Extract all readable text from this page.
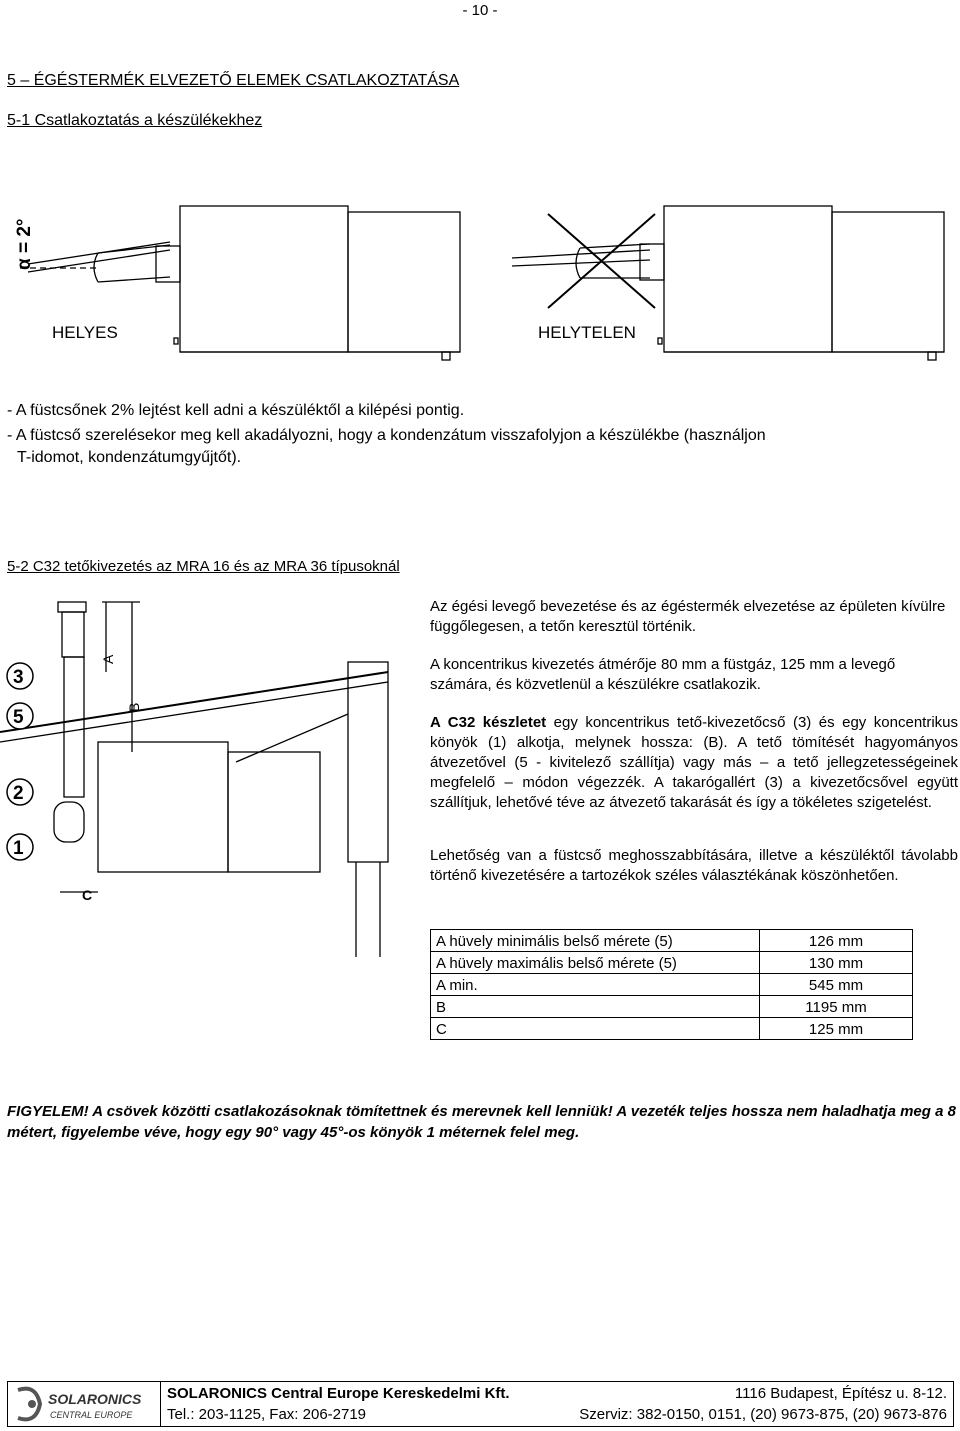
- 10 -
5 – ÉGÉSTERMÉK ELVEZETŐ ELEMEK CSATLAKOZTATÁSA
5-1 Csatlakoztatás a készülékekhez
α = 2°
HELYES	HELYTELEN
- A füstcsőnek 2% lejtést kell adni a készüléktől a kilépési pontig.
- A füstcső szerelésekor meg kell akadályozni, hogy a kondenzátum visszafolyjon a készülékbe (használjon
T-idomot, kondenzátumgyűjtőt).
5-2 C32 tetőkivezetés az MRA 16 és az MRA 36 típusoknál
3
5
2
1
A
B
C
Az égési levegő bevezetése és az égéstermék elvezetése az épületen kívülre függőlegesen, a tetőn keresztül történik.
A koncentrikus kivezetés átmérője 80 mm a füstgáz, 125 mm a levegő számára, és közvetlenül a készülékre csatlakozik.
A C32 készletet egy koncentrikus tető-kivezetőcső (3) és egy koncentrikus könyök (1) alkotja, melynek hossza: (B). A tető tömítését hagyományos átvezetővel (5 - kivitelező szállítja) vagy más – a tető jellegzetességeinek megfelelő – módon végezzék. A takarógallért (3) a kivezetőcsővel együtt szállítjuk, lehetővé téve az átvezető takarását és így a tökéletes szigetelést.
Lehetőség van a füstcső meghosszabbítására, illetve a készüléktől távolabb történő kivezetésére a tartozékok széles választékának köszönhetően.
A hüvely minimális belső mérete (5)	126 mm
A hüvely maximális belső mérete (5)	130 mm
A min.	545 mm
B	1195 mm
C	125 mm
FIGYELEM! A csövek közötti csatlakozásoknak tömítettnek és merevnek kell lenniük! A vezeték teljes hossza nem haladhatja meg a 8 métert, figyelembe véve, hogy egy 90° vagy 45°-os könyök 1 méternek felel meg.
SOLARONICS
CENTRAL EUROPE
SOLARONICS Central Europe Kereskedelmi Kft.	1116 Budapest, Építész u. 8-12.
Tel.: 203-1125, Fax: 206-2719	Szerviz: 382-0150, 0151, (20) 9673-875, (20) 9673-876
